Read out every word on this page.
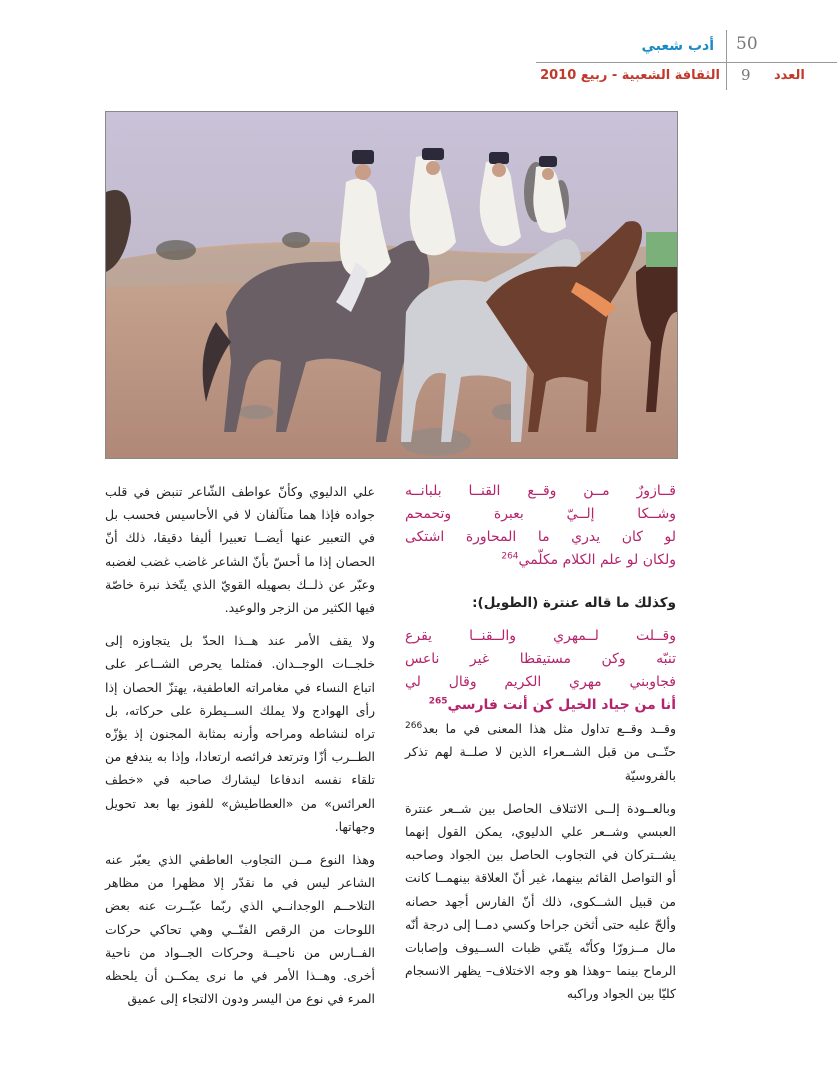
أدب شعبي 50
العدد
9
الثقافة الشعبية - ربيع 2010
قــازورٌ مــن وقــع القنــا بلبانــه
وشــكا إلــيّ بعبرة وتحمحم
لو كان يدري ما المحاورة اشتكى
ولكان لو علم الكلام مكلّمي$^{264}$

وكذلك ما قاله عنترة (الطويل):

وقــلت لــمهري والــقنــا يقرع
تنبّه وكن مستيقظا غير ناعس
فجاوبني مهري الكريم وقال لي
أنا من جياد الخيل كن أنت فارسي$^{265}$

وقــد وقــع تداول مثل هذا المعنى في ما بعد$^{266}$ حتّــى من قبل الشــعراء الذين لا صلــة لهم تذكر بالفروسيّة

وبالعــودة إلــى الائتلاف الحاصل بين شــعر عنترة العبسي وشــعر علي الدليوي، يمكن القول إنهما يشــتركان في التجاوب الحاصل بين الجواد وصاحبه أو التواصل القائم بينهما، غير أنّ العلاقة بينهمــا كانت من قبيل الشــكوى، ذلك أنّ الفارس أجهد حصانه وألحّ عليه حتى أثخن جراحا وكسي دمــا إلى درجة أنّه مال مــزورّا وكأنّه يتّقي ظبات الســيوف وإصابات الرماح بينما –وهذا هو وجه الاختلاف– يظهر الانسجام كليّا بين الجواد وراكبه

علي الدليوي وكأنّ عواطف الشّاعر تنبض في قلب جواده فإذا هما متآلفان لا في الأحاسيس فحسب بل في التعبير عنها أيضــا تعبيرا أليفا دقيقا، ذلك أنّ الحصان إذا ما أحسّ بأنّ الشاعر غاضب غضب لغضبه وعبّر عن ذلــك بصهيله القويّ الذي يتّخذ نبرة خاصّة فيها الكثير من الزجر والوعيد.

ولا يقف الأمر عند هــذا الحدّ بل يتجاوزه إلى خلجــات الوجــدان. فمثلما يحرص الشــاعر على اتباع النساء في مغامراته العاطفية، يهتزّ الحصان إذا رأى الهوادج ولا يملك الســيطرة على حركاته، بل تراه لنشاطه ومراحه وأرنه بمثابة المجنون إذ يؤزّه الطــرب أزّا وترتعد فرائصه ارتعادا، وإذا به يندفع من تلقاء نفسه اندفاعا ليشارك صاحبه في «خطف العرائس» من «العطاطيش» للفوز بها بعد تحويل وجهاتها.

وهذا النوع مــن التجاوب العاطفي الذي يعبّر عنه الشاعر ليس في ما نقدّر إلا مظهرا من مظاهر التلاحــم الوجدانــي الذي ربّما عبّــرت عنه بعض اللوحات من الرقص الفنّــي وهي تحاكي حركات الفــارس من ناحيــة وحركات الجــواد من ناحية أخرى. وهــذا الأمر في ما نرى يمكــن أن يلحظه المرء في نوع من اليسر ودون الالتجاء إلى عميق
